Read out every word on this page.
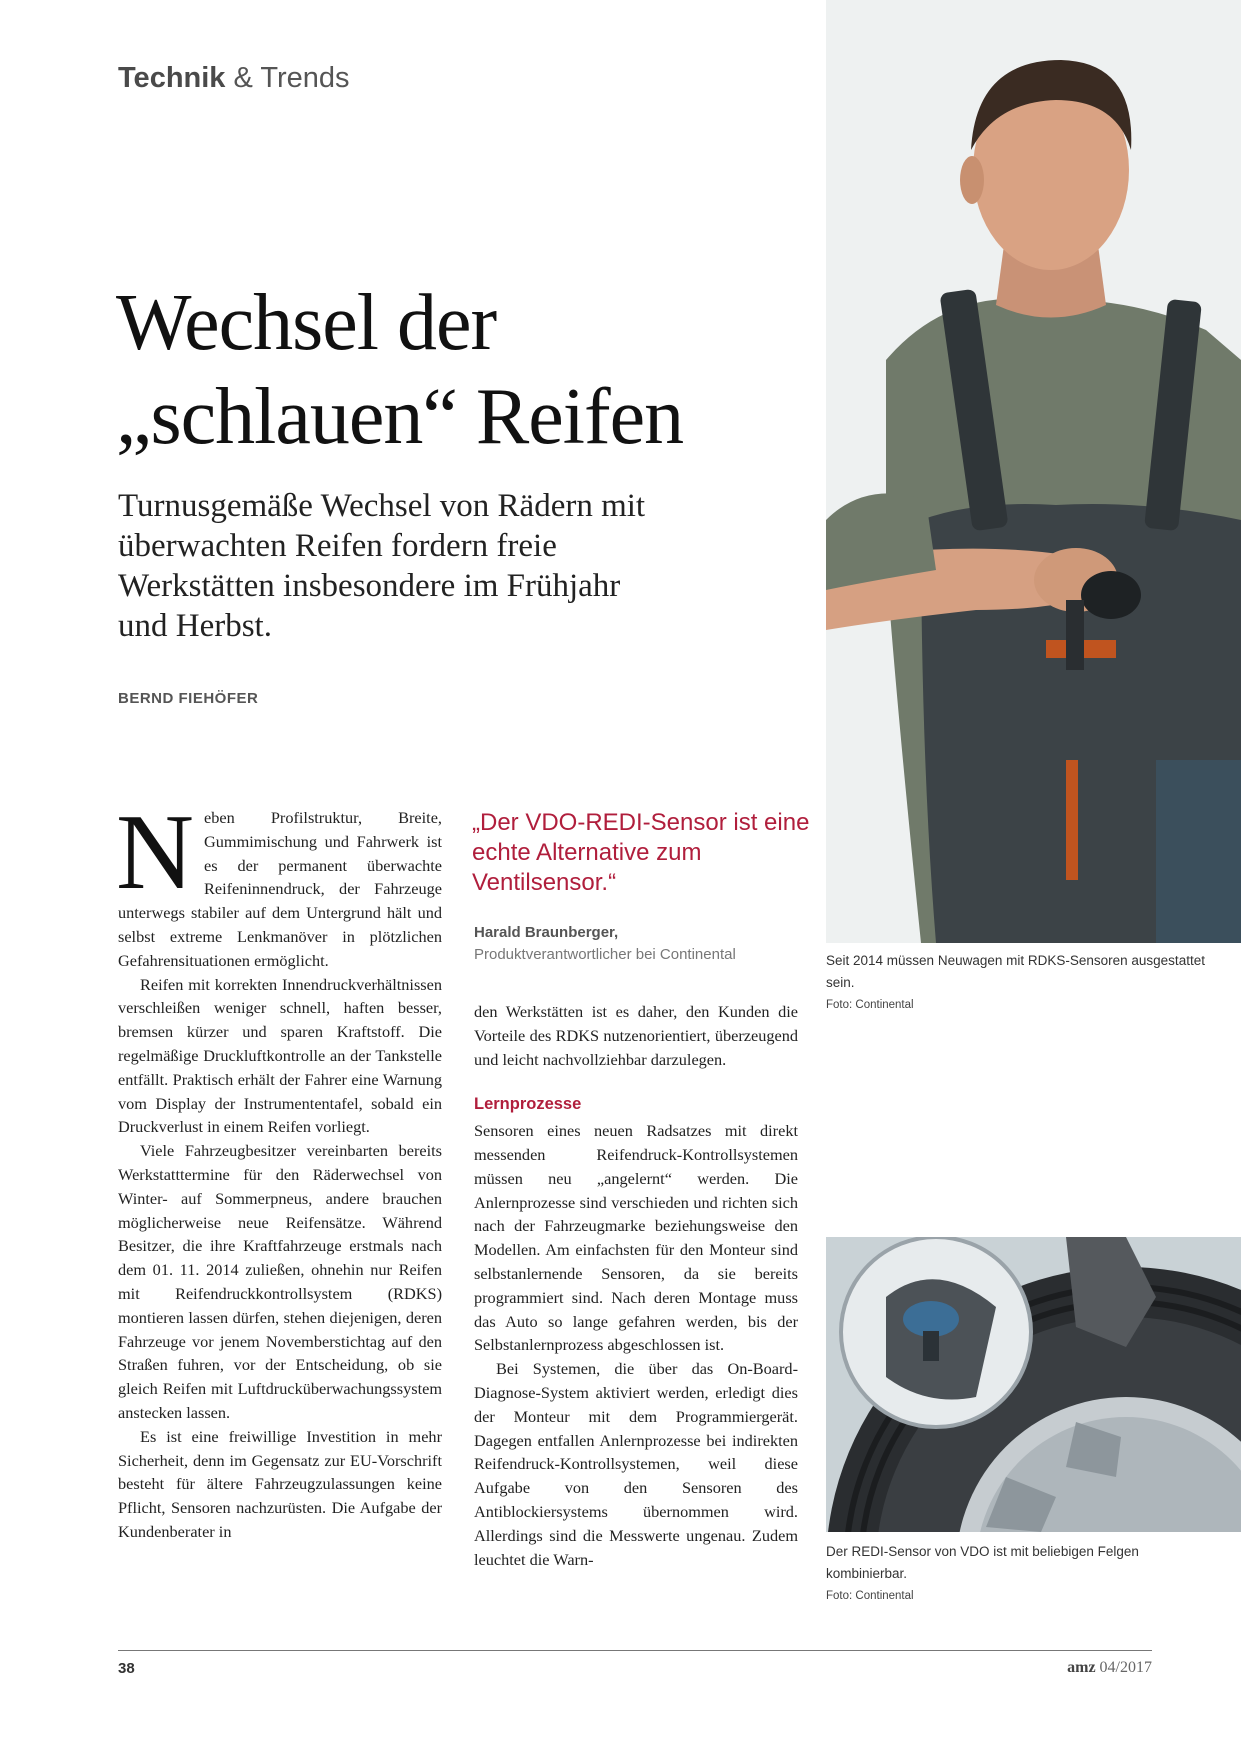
Technik & Trends
Wechsel der
„schlauen“ Reifen

Turnusgemäße Wechsel von Rädern mit überwachten Reifen fordern freie Werkstätten insbesondere im Frühjahr und Herbst.

BERND FIEHÖFER
N eben Profilstruktur, Breite, Gummimischung und Fahrwerk ist es der permanent überwachte Reifeninnendruck, der Fahrzeuge unterwegs stabiler auf dem Untergrund hält und selbst extreme Lenkmanöver in plötzlichen Gefahrensituationen ermöglicht.

Reifen mit korrekten Innendruckverhältnissen verschleißen weniger schnell, haften besser, bremsen kürzer und sparen Kraftstoff. Die regelmäßige Druckluftkontrolle an der Tankstelle entfällt. Praktisch erhält der Fahrer eine Warnung vom Display der Instrumententafel, sobald ein Druckverlust in einem Reifen vorliegt.

Viele Fahrzeugbesitzer vereinbarten bereits Werkstatttermine für den Räderwechsel von Winter- auf Sommerpneus, andere brauchen möglicherweise neue Reifensätze. Während Besitzer, die ihre Kraftfahrzeuge erstmals nach dem 01. 11. 2014 zuließen, ohnehin nur Reifen mit Reifendruckkontrollsystem (RDKS) montieren lassen dürfen, stehen diejenigen, deren Fahrzeuge vor jenem Novemberstichtag auf den Straßen fuhren, vor der Entscheidung, ob sie gleich Reifen mit Luftdrucküberwachungssystem anstecken lassen.

Es ist eine freiwillige Investition in mehr Sicherheit, denn im Gegensatz zur EU-Vorschrift besteht für ältere Fahrzeugzulassungen keine Pflicht, Sensoren nachzurüsten. Die Aufgabe der Kundenberater in

„Der VDO-REDI-Sensor ist eine echte Alternative zum Ventilsensor.“
Harald Braunberger,
Produktverantwortlicher bei Continental

den Werkstätten ist es daher, den Kunden die Vorteile des RDKS nutzenorientiert, überzeugend und leicht nachvollziehbar darzulegen.

Lernprozesse

Sensoren eines neuen Radsatzes mit direkt messenden Reifendruck-Kontrollsystemen müssen neu „angelernt“ werden. Die Anlernprozesse sind verschieden und richten sich nach der Fahrzeugmarke beziehungsweise den Modellen. Am einfachsten für den Monteur sind selbstanlernende Sensoren, da sie bereits programmiert sind. Nach deren Montage muss das Auto so lange gefahren werden, bis der Selbstanlernprozess abgeschlossen ist.

Bei Systemen, die über das On-Board-Diagnose-System aktiviert werden, erledigt dies der Monteur mit dem Programmiergerät. Dagegen entfallen Anlernprozesse bei indirekten Reifendruck-Kontrollsystemen, weil diese Aufgabe von den Sensoren des Antiblockiersystems übernommen wird. Allerdings sind die Messwerte ungenau. Zudem leuchtet die Warn-

Seit 2014 müssen Neuwagen mit RDKS-Sensoren ausgestattet sein.
Foto: Continental
Der REDI-Sensor von VDO ist mit beliebigen Felgen kombinierbar.
Foto: Continental
38	amz 04/2017
